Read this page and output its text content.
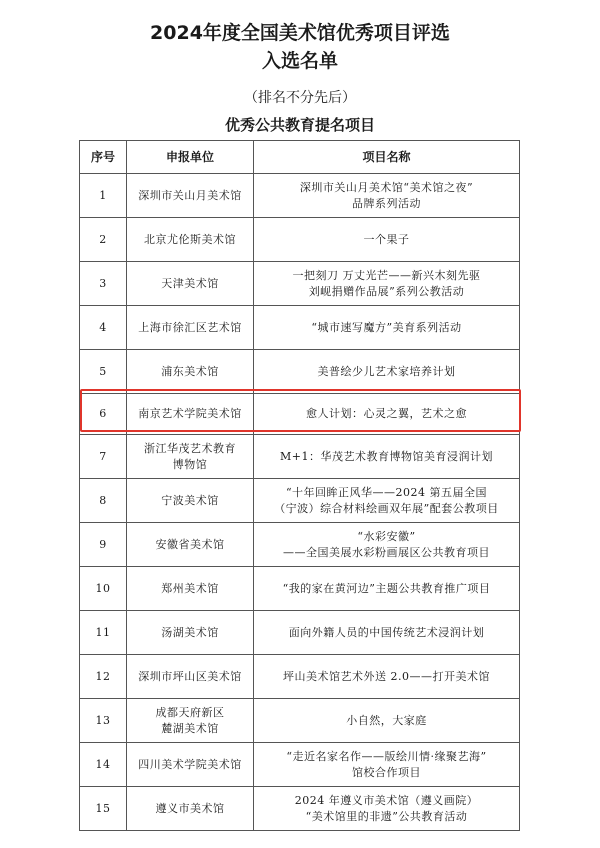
2024年度全国美术馆优秀项目评选
入选名单
（排名不分先后）
优秀公共教育提名项目
序号	申报单位	项目名称
1	深圳市关山月美术馆	深圳市关山月美术馆“美术馆之夜”
品牌系列活动

2	北京尤伦斯美术馆	一个果子

3	天津美术馆	一把刻刀 万丈光芒——新兴木刻先驱
刘岘捐赠作品展”系列公教活动

4	上海市徐汇区艺术馆	“城市速写魔方”美育系列活动

5	浦东美术馆	美普绘少儿艺术家培养计划

6	南京艺术学院美术馆	愈人计划：心灵之翼，艺术之愈

7	浙江华茂艺术教育
博物馆	M+1：华茂艺术教育博物馆美育浸润计划

8	宁波美术馆	“十年回眸正风华——2024 第五届全国
（宁波）综合材料绘画双年展”配套公教项目

9	安徽省美术馆	“水彩安徽”
——全国美展水彩粉画展区公共教育项目

10	郑州美术馆	“我的家在黄河边”主题公共教育推广项目

11	汤湖美术馆	面向外籍人员的中国传统艺术浸润计划

12	深圳市坪山区美术馆	坪山美术馆艺术外送 2.0——打开美术馆

13	成都天府新区
麓湖美术馆	小自然，大家庭

14	四川美术学院美术馆	“走近名家名作——版绘川情·缘聚艺海”
馆校合作项目

15	遵义市美术馆	2024 年遵义市美术馆（遵义画院）
“美术馆里的非遗”公共教育活动
